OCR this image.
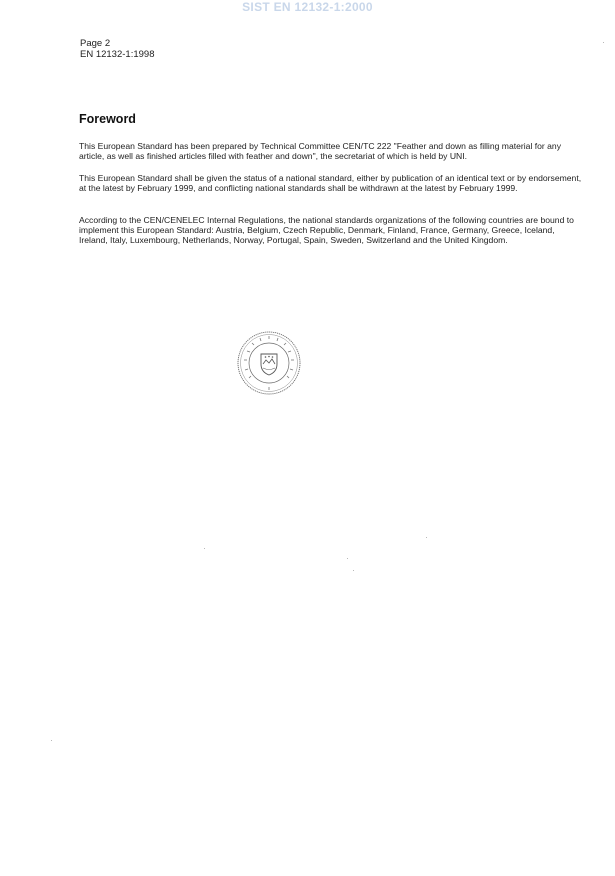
SIST EN 12132-1:2000
Page 2
EN 12132-1:1998
Foreword

This European Standard has been prepared by Technical Committee CEN/TC 222 "Feather and down as filling material for any article, as well as finished articles filled with feather and down", the secretariat of which is held by UNI.

This European Standard shall be given the status of a national standard, either by publication of an identical text or by endorsement, at the latest by February 1999, and conflicting national standards shall be withdrawn at the latest by February 1999.

According to the CEN/CENELEC Internal Regulations, the national standards organizations of the following countries are bound to implement this European Standard: Austria, Belgium, Czech Republic, Denmark, Finland, France, Germany, Greece, Iceland, Ireland, Italy, Luxembourg, Netherlands, Norway, Portugal, Spain, Sweden, Switzerland and the United Kingdom.
